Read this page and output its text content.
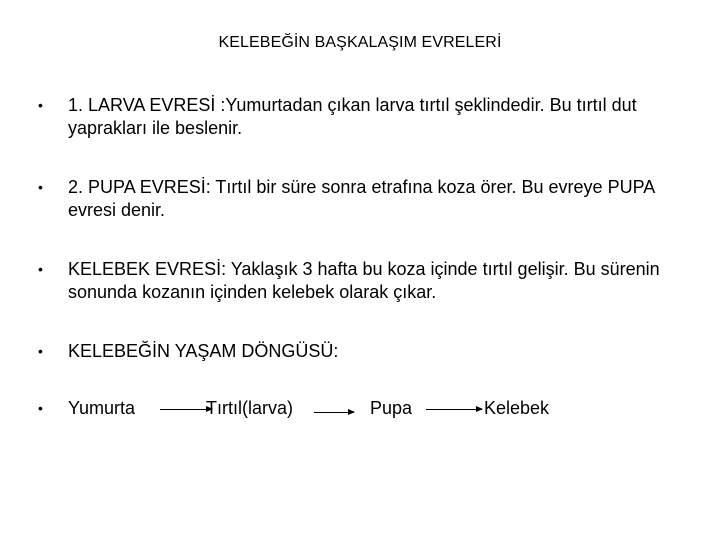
KELEBEĞİN BAŞKALAŞIM EVRELERİ
•	1. LARVA EVRESİ :Yumurtadan çıkan larva tırtıl şeklindedir. Bu tırtıl dut yaprakları ile beslenir.
•	2. PUPA EVRESİ: Tırtıl bir süre sonra etrafına koza örer. Bu evreye PUPA evresi denir.
•	KELEBEK EVRESİ: Yaklaşık 3 hafta bu koza içinde tırtıl gelişir. Bu sürenin sonunda kozanın içinden kelebek olarak çıkar.
•	KELEBEĞİN YAŞAM DÖNGÜSÜ:
•	Yumurta	Tırtıl(larva)	Pupa	Kelebek
